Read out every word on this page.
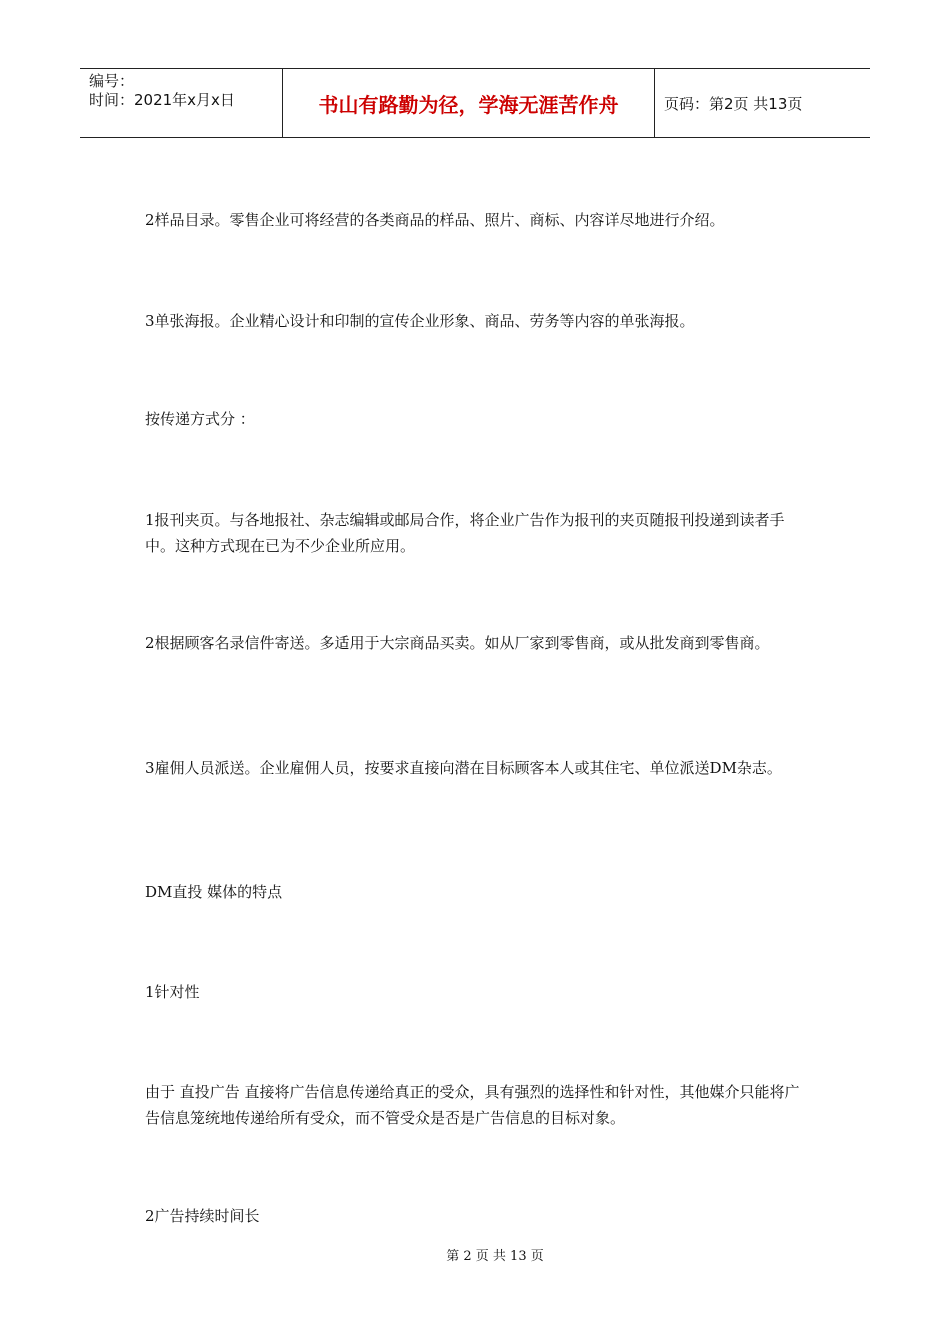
编号：
时间：2021年x月x日	书山有路勤为径，学海无涯苦作舟	页码：第2页 共13页

2样品目录。零售企业可将经营的各类商品的样品、照片、商标、内容详尽地进行介绍。

3单张海报。企业精心设计和印制的宣传企业形象、商品、劳务等内容的单张海报。

按传递方式分 ：

1报刊夹页。与各地报社、杂志编辑或邮局合作，将企业广告作为报刊的夹页随报刊投递到读者手中。这种方式现在已为不少企业所应用。

2根据顾客名录信件寄送。多适用于大宗商品买卖。如从厂家到零售商，或从批发商到零售商。

3雇佣人员派送。企业雇佣人员，按要求直接向潜在目标顾客本人或其住宅、单位派送DM杂志。

DM直投 媒体的特点

1针对性

由于 直投广告 直接将广告信息传递给真正的受众，具有强烈的选择性和针对性，其他媒介只能将广告信息笼统地传递给所有受众，而不管受众是否是广告信息的目标对象。

2广告持续时间长

第 2 页 共 13 页
